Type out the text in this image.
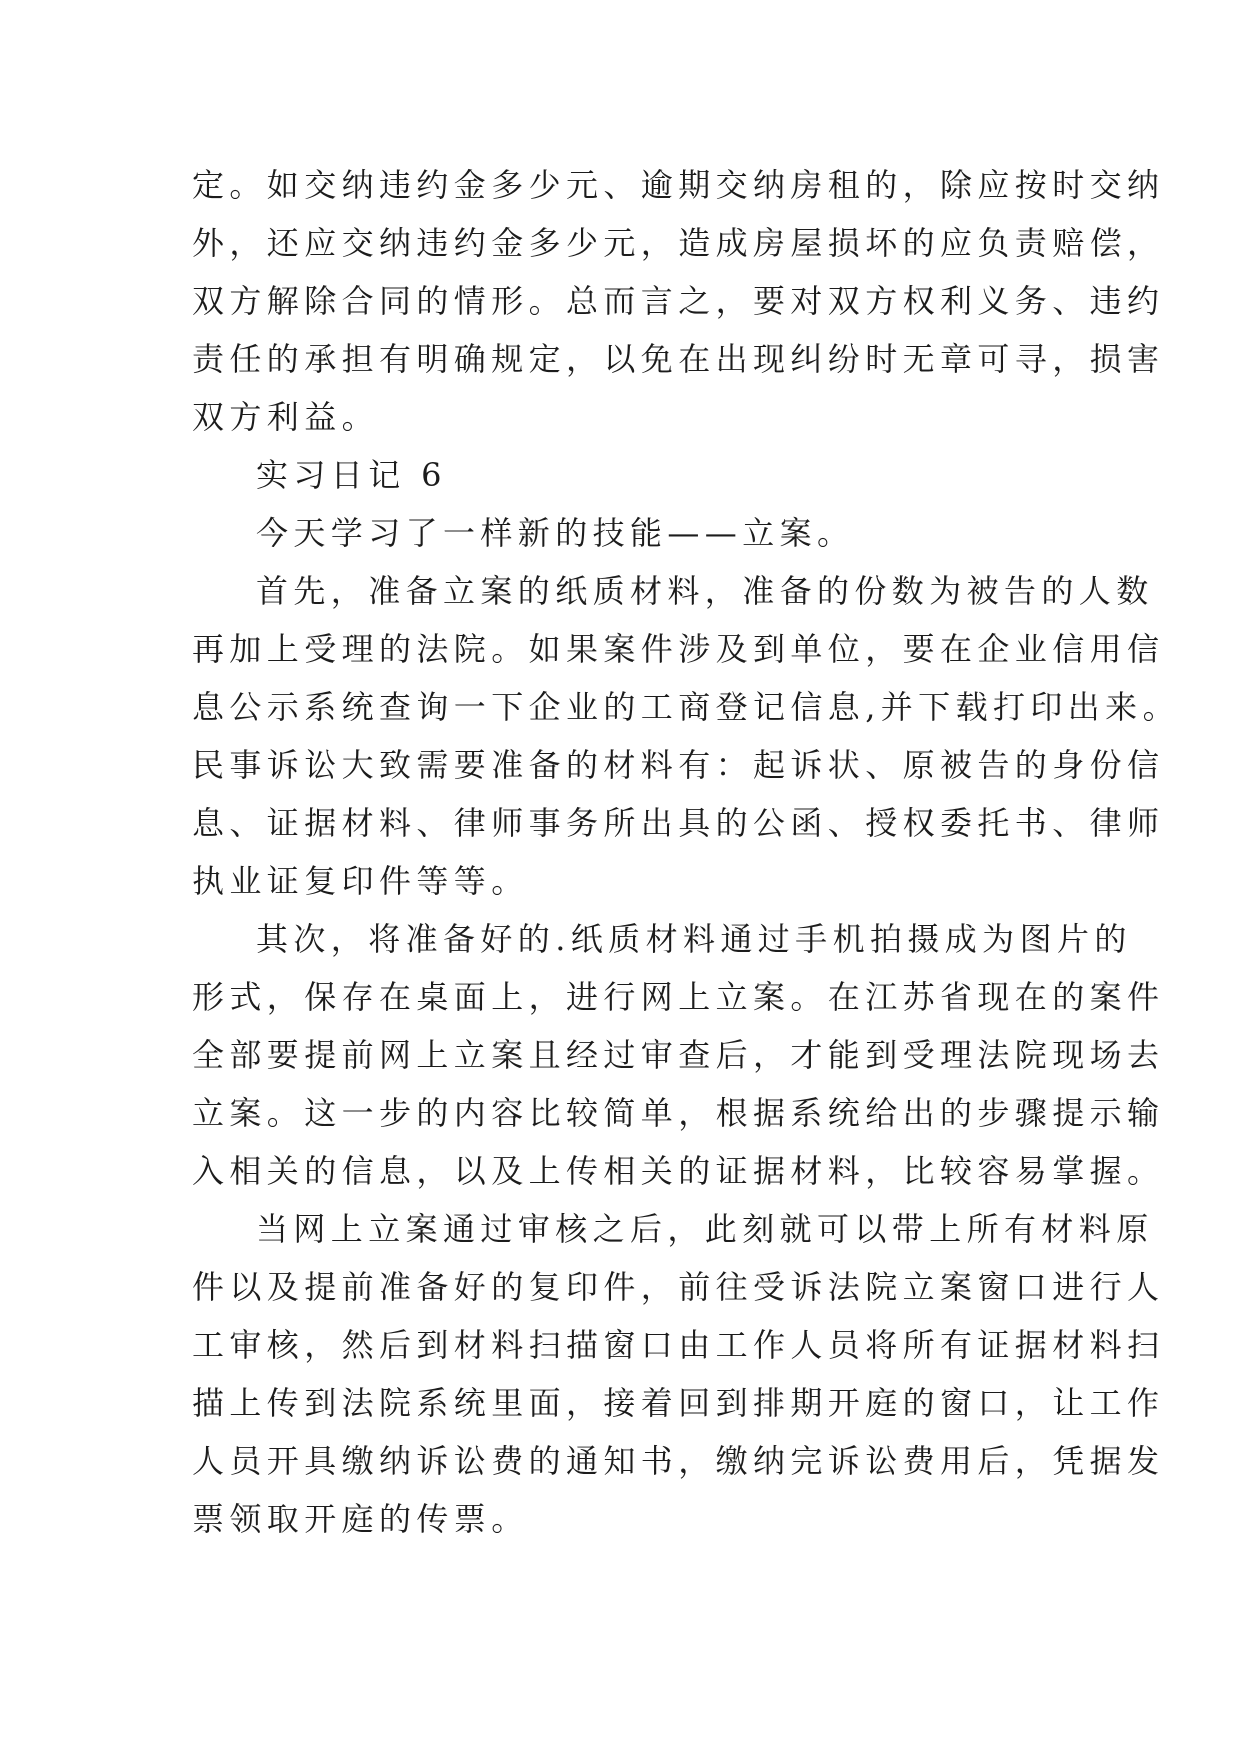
定。如交纳违约金多少元、逾期交纳房租的，除应按时交纳
外，还应交纳违约金多少元，造成房屋损坏的应负责赔偿，
双方解除合同的情形。总而言之，要对双方权利义务、违约
责任的承担有明确规定，以免在出现纠纷时无章可寻，损害
双方利益。
实习日记 6
今天学习了一样新的技能——立案。
首先，准备立案的纸质材料，准备的份数为被告的人数
再加上受理的法院。如果案件涉及到单位，要在企业信用信
息公示系统查询一下企业的工商登记信息,并下载打印出来。
民事诉讼大致需要准备的材料有：起诉状、原被告的身份信
息、证据材料、律师事务所出具的公函、授权委托书、律师
执业证复印件等等。
其次，将准备好的.纸质材料通过手机拍摄成为图片的
形式，保存在桌面上，进行网上立案。在江苏省现在的案件
全部要提前网上立案且经过审查后，才能到受理法院现场去
立案。这一步的内容比较简单，根据系统给出的步骤提示输
入相关的信息，以及上传相关的证据材料，比较容易掌握。
当网上立案通过审核之后，此刻就可以带上所有材料原
件以及提前准备好的复印件，前往受诉法院立案窗口进行人
工审核，然后到材料扫描窗口由工作人员将所有证据材料扫
描上传到法院系统里面，接着回到排期开庭的窗口，让工作
人员开具缴纳诉讼费的通知书，缴纳完诉讼费用后，凭据发
票领取开庭的传票。
